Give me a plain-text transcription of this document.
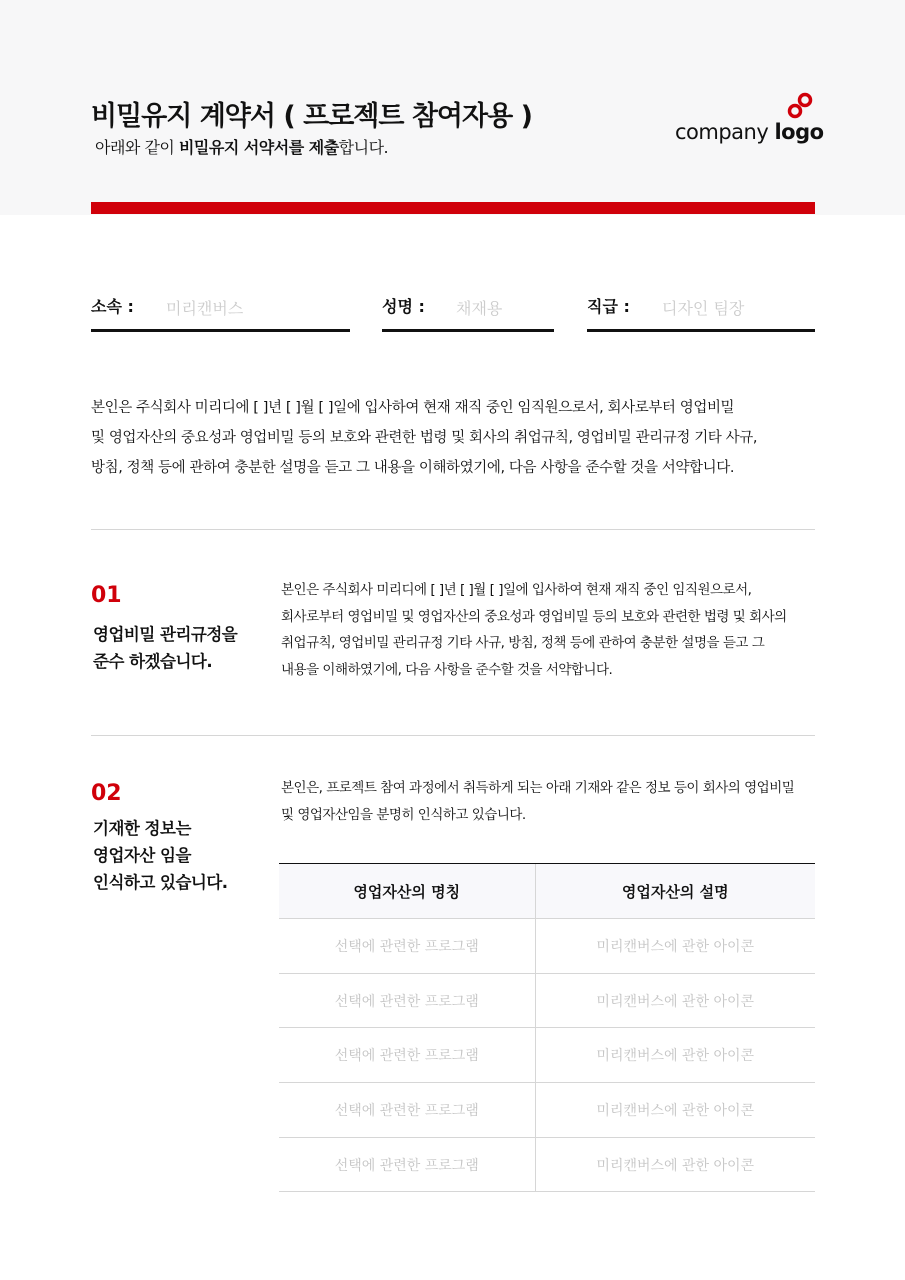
비밀유지 계약서 ( 프로젝트 참여자용 )
아래와 같이 비밀유지 서약서를 제출합니다.
company logo
소속 : 미리캔버스	성명 : 채재용	직급 : 디자인 팀장
본인은 주식회사 미리디에 [ ]년 [ ]월 [ ]일에 입사하여 현재 재직 중인 임직원으로서, 회사로부터 영업비밀
및 영업자산의 중요성과 영업비밀 등의 보호와 관련한 법령 및 회사의 취업규칙, 영업비밀 관리규정 기타 사규,
방침, 정책 등에 관하여 충분한 설명을 듣고 그 내용을 이해하였기에, 다음 사항을 준수할 것을 서약합니다.
01
영업비밀 관리규정을
준수 하겠습니다.
본인은 주식회사 미리디에 [ ]년 [ ]월 [ ]일에 입사하여 현재 재직 중인 임직원으로서,
회사로부터 영업비밀 및 영업자산의 중요성과 영업비밀 등의 보호와 관련한 법령 및 회사의
취업규칙, 영업비밀 관리규정 기타 사규, 방침, 정책 등에 관하여 충분한 설명을 듣고 그
내용을 이해하였기에, 다음 사항을 준수할 것을 서약합니다.
02
기재한 정보는
영업자산 임을
인식하고 있습니다.
본인은, 프로젝트 참여 과정에서 취득하게 되는 아래 기재와 같은 정보 등이 회사의 영업비밀
및 영업자산임을 분명히 인식하고 있습니다.
영업자산의 명칭	영업자산의 설명
선택에 관련한 프로그램	미리캔버스에 관한 아이콘
선택에 관련한 프로그램	미리캔버스에 관한 아이콘
선택에 관련한 프로그램	미리캔버스에 관한 아이콘
선택에 관련한 프로그램	미리캔버스에 관한 아이콘
선택에 관련한 프로그램	미리캔버스에 관한 아이콘
